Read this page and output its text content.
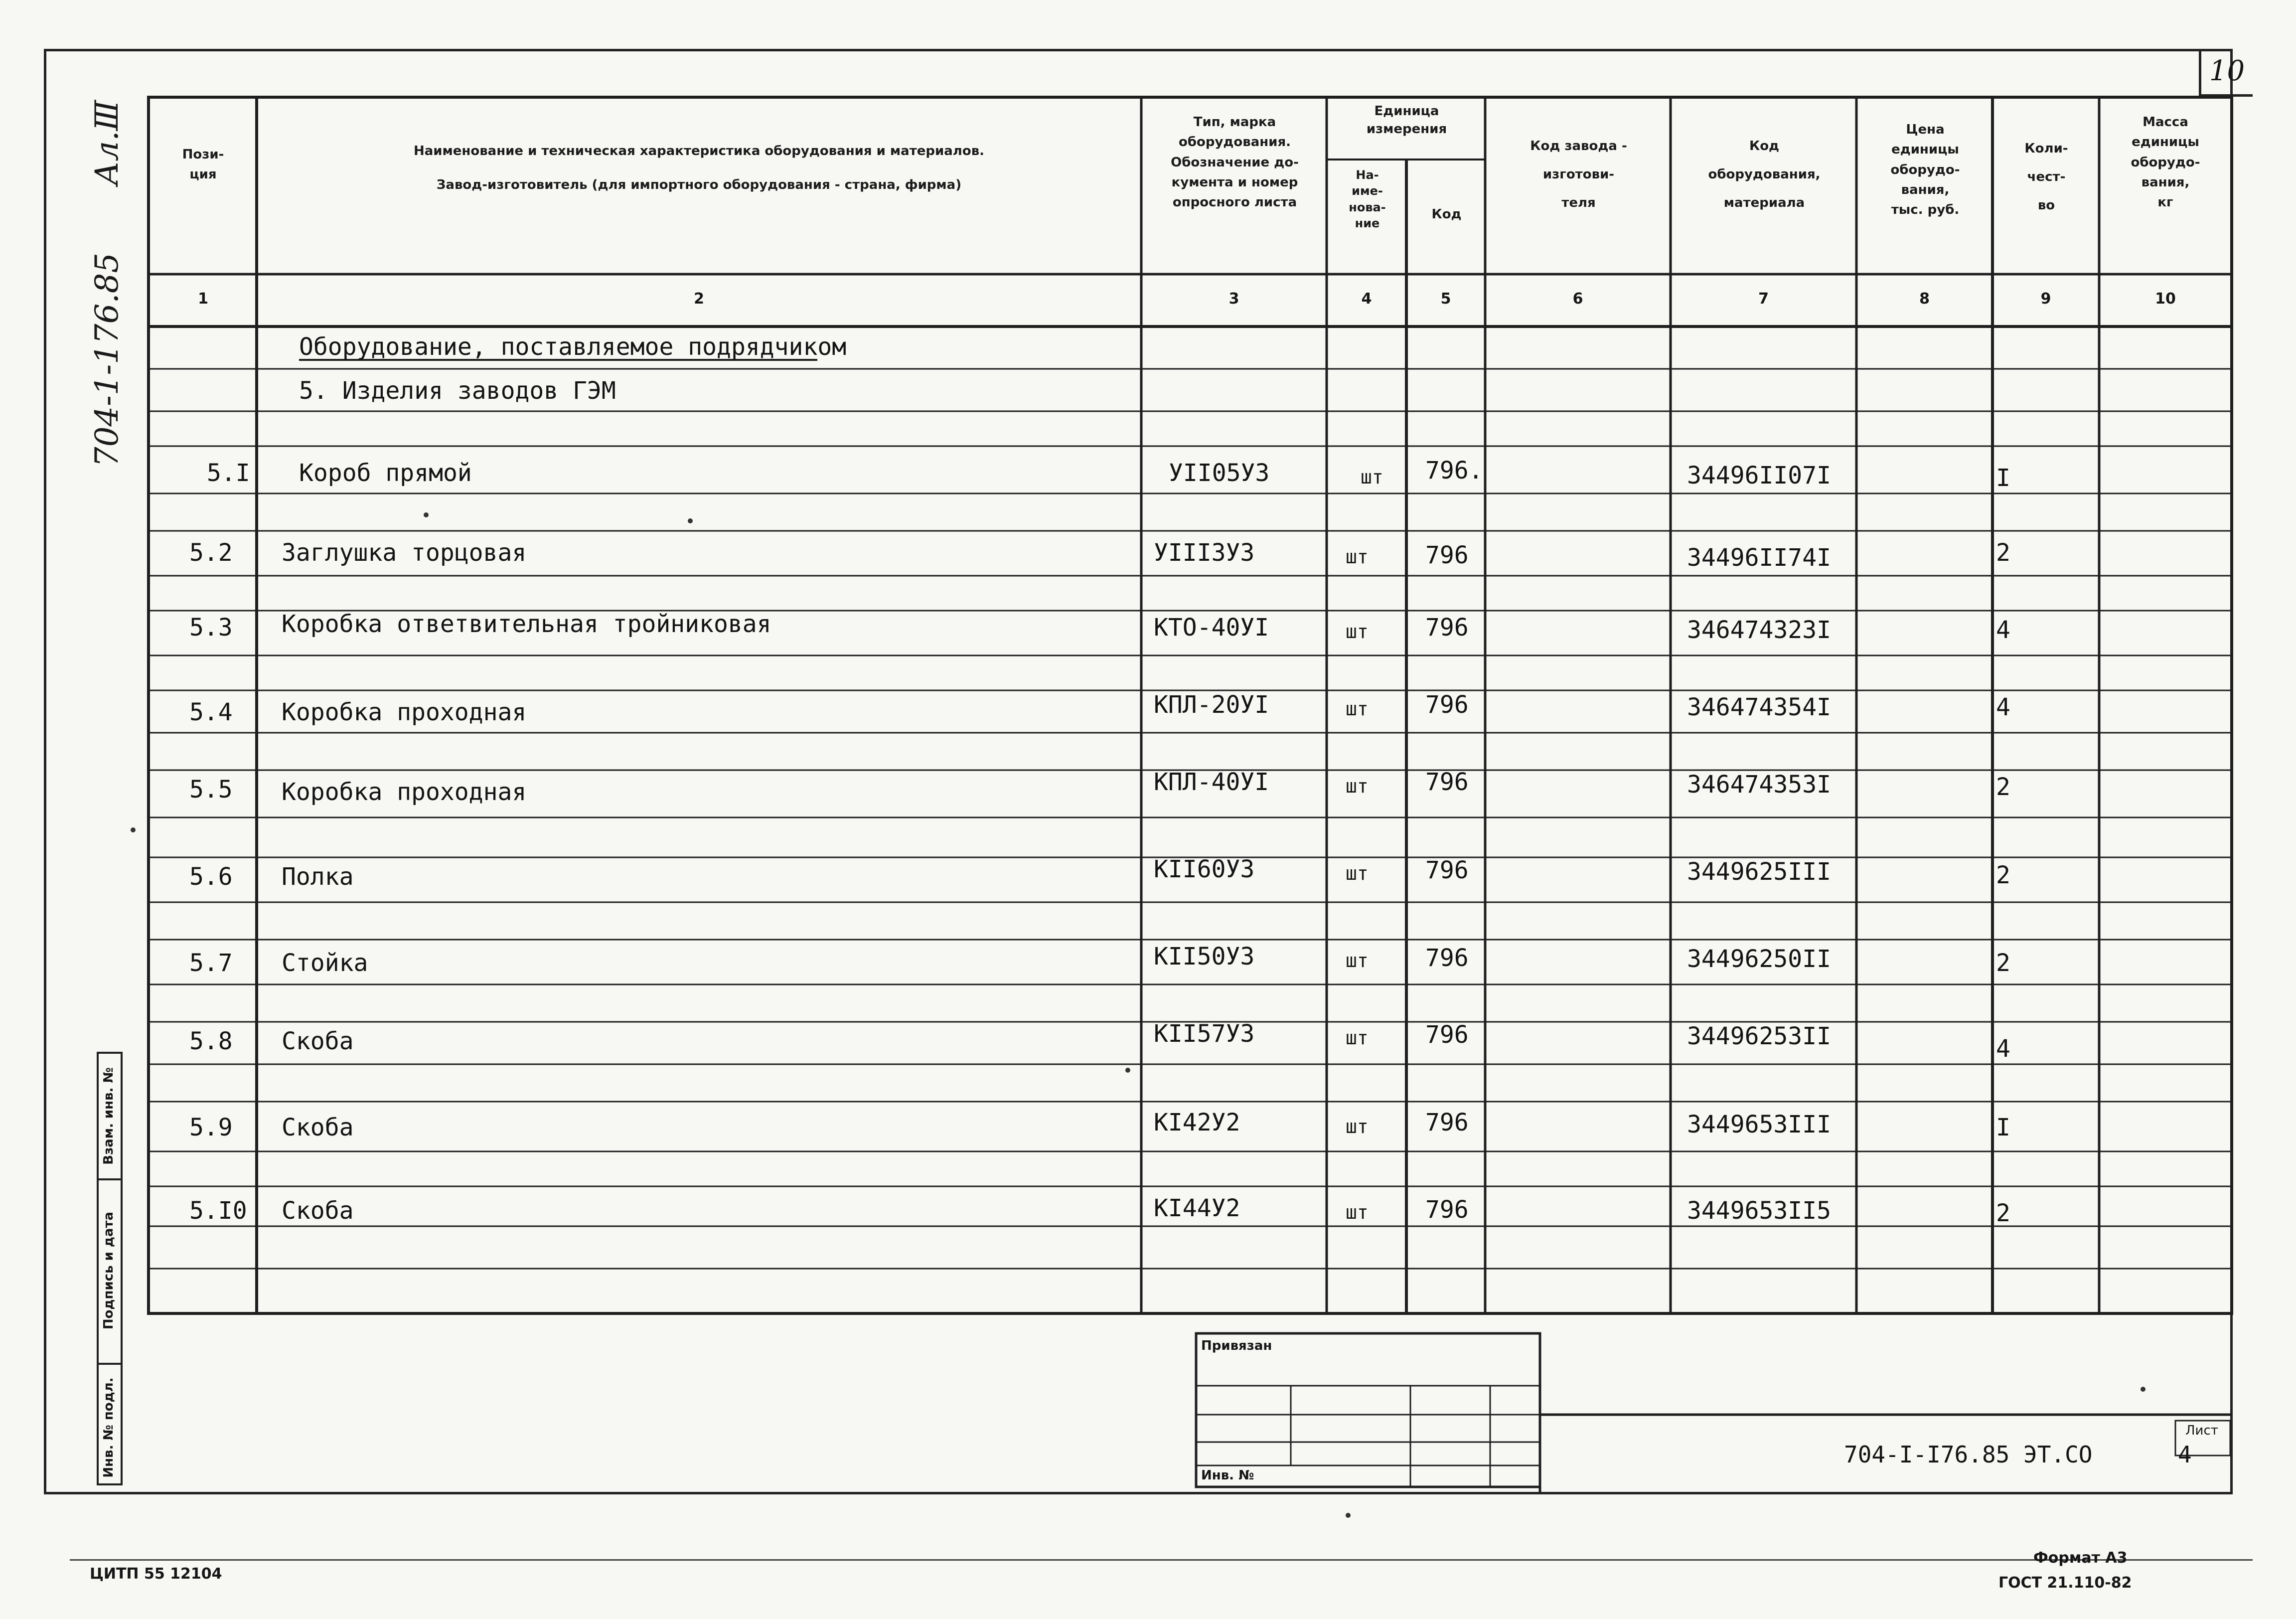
10
Ал.Ⅲ
704-1-176.85
Взам. инв. №
Подпись и дата
Инв. № подл.
Пози-
ция
Наименование и техническая характеристика оборудования и материалов.
Завод-изготовитель (для импортного оборудования - страна, фирма)
Тип, марка
оборудования.
Обозначение до-
кумента и номер
опросного листа
Единица
измерения
На-
име-
нова-
ние
Код
Код завода -
изготови-
теля
Код
оборудования,
материала
Цена
единицы
оборудо-
вания,
тыс. руб.
Коли-
чест-
во
Масса
единицы
оборудо-
вания,
кг
1	2	3	4	5	6	7	8	9	10
Оборудование, поставляемое подрядчиком
5. Изделия заводов ГЭМ
5.I Короб прямой	УII05У3	шт 796.	34496II07I	I
5.2 Заглушка торцовая	УIII3У3	шт 796	34496II74I	2
5.3 Коробка ответвительная тройниковая	КТО-40УI	шт 796	346474323I	4
5.4 Коробка проходная	КПЛ-20УI	шт 796	346474354I	4
5.5 Коробка проходная	КПЛ-40УI	шт 796	346474353I	2
5.6 Полка	КII60У3	шт 796	3449625III	2
5.7 Стойка	КII50У3	шт 796	34496250II	2
5.8 Скоба	КII57У3	шт 796	34496253II	4
5.9 Скоба	КI42У2	шт 796	3449653III	I
5.I0 Скоба	КI44У2	шт 796	3449653II5	2
Привязан
Инв. №
704-I-I76.85 ЭТ.СО
Лист
4
ЦИТП 55 12104
Формат А3
ГОСТ 21.110-82
